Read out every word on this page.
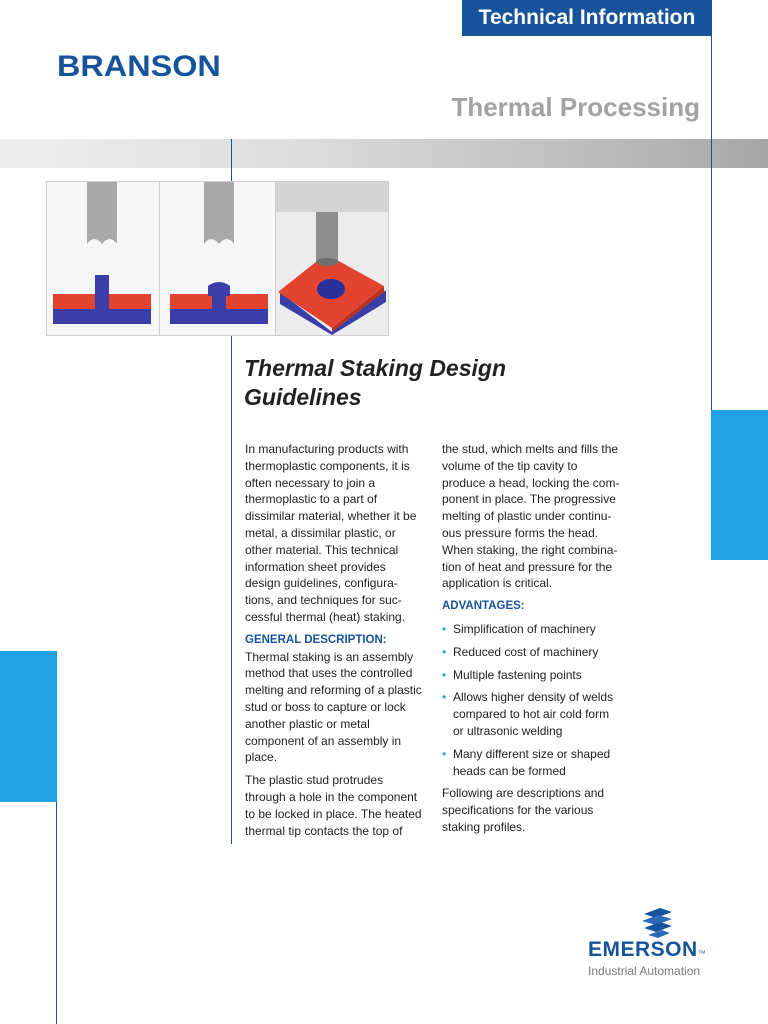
Technical Information
BRANSON
Thermal Processing
Thermal Staking Design
Guidelines

In manufacturing products with thermoplastic components, it is often necessary to join a thermoplastic to a part of dissimilar material, whether it be metal, a dissimilar plastic, or other material. This technical information sheet provides design guidelines, configura-tions, and techniques for suc-cessful thermal (heat) staking.

GENERAL DESCRIPTION:

Thermal staking is an assembly method that uses the controlled melting and reforming of a plastic stud or boss to capture or lock another plastic or metal component of an assembly in place.

The plastic stud protrudes through a hole in the component to be locked in place. The heated thermal tip contacts the top of

the stud, which melts and fills the volume of the tip cavity to produce a head, locking the com-ponent in place. The progressive melting of plastic under continu-ous pressure forms the head. When staking, the right combina-tion of heat and pressure for the application is critical.

ADVANTAGES:
• Simplification of machinery
• Reduced cost of machinery
• Multiple fastening points
• Allows higher density of welds compared to hot air cold form or ultrasonic welding
• Many different size or shaped heads can be formed

Following are descriptions and specifications for the various staking profiles.

EMERSON™
Industrial Automation
